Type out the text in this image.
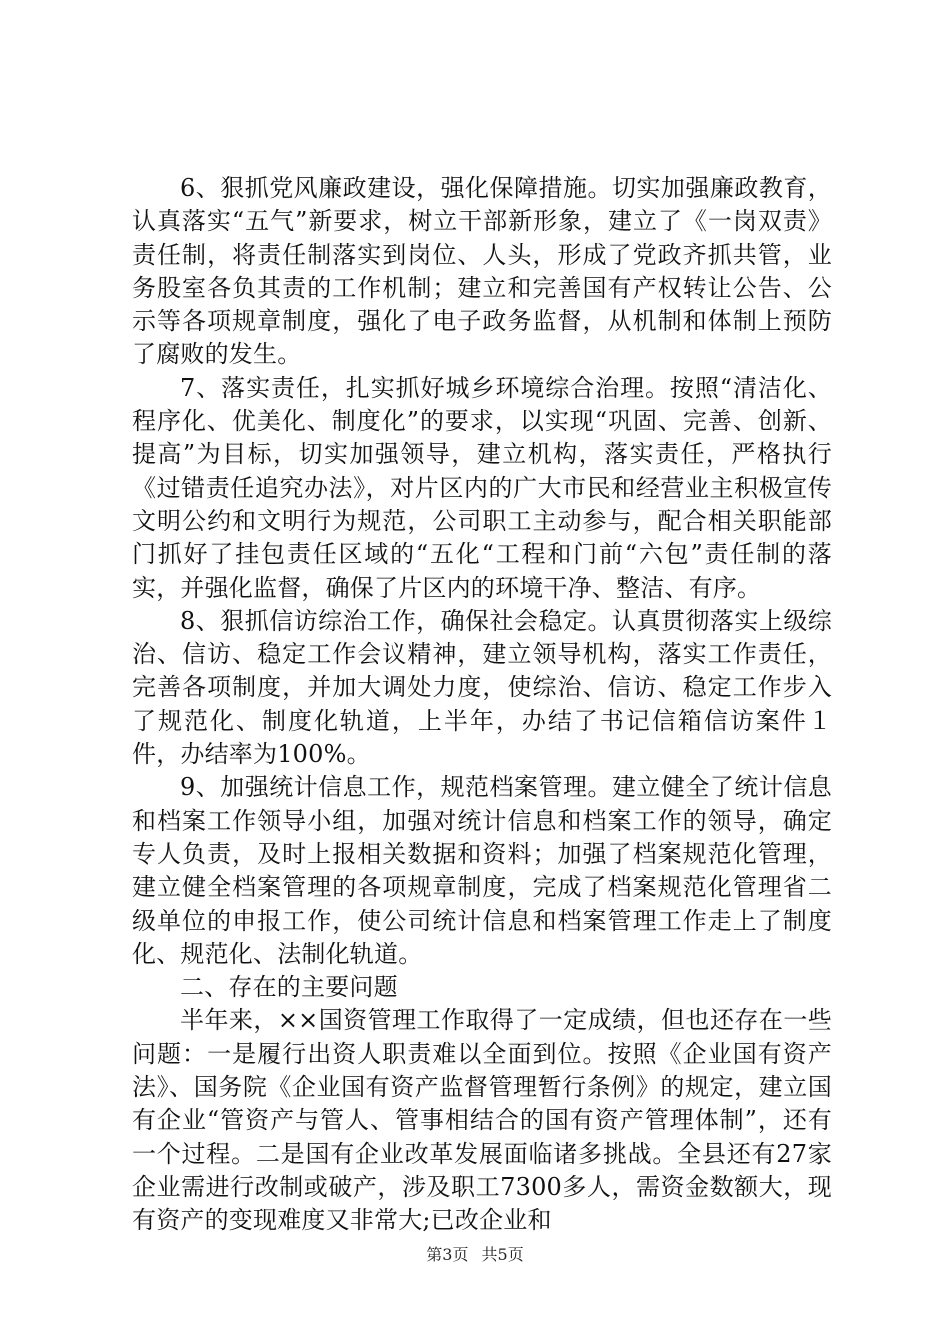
6、狠抓党风廉政建设，强化保障措施。切实加强廉政教育，认真落实“五气”新要求，树立干部新形象，建立了《一岗双责》责任制，将责任制落实到岗位、人头，形成了党政齐抓共管，业务股室各负其责的工作机制；建立和完善国有产权转让公告、公示等各项规章制度，强化了电子政务监督，从机制和体制上预防了腐败的发生。

7、落实责任，扎实抓好城乡环境综合治理。按照“清洁化、程序化、优美化、制度化”的要求，以实现“巩固、完善、创新、提高”为目标，切实加强领导，建立机构，落实责任，严格执行《过错责任追究办法》，对片区内的广大市民和经营业主积极宣传文明公约和文明行为规范，公司职工主动参与，配合相关职能部门抓好了挂包责任区域的“五化“工程和门前“六包”责任制的落实，并强化监督，确保了片区内的环境干净、整洁、有序。

8、狠抓信访综治工作，确保社会稳定。认真贯彻落实上级综治、信访、稳定工作会议精神，建立领导机构，落实工作责任，完善各项制度，并加大调处力度，使综治、信访、稳定工作步入了规范化、制度化轨道，上半年，办结了书记信箱信访案件１件，办结率为100%。

9、加强统计信息工作，规范档案管理。建立健全了统计信息和档案工作领导小组，加强对统计信息和档案工作的领导，确定专人负责，及时上报相关数据和资料；加强了档案规范化管理，建立健全档案管理的各项规章制度，完成了档案规范化管理省二级单位的申报工作，使公司统计信息和档案管理工作走上了制度化、规范化、法制化轨道。

二、存在的主要问题

半年来，××国资管理工作取得了一定成绩，但也还存在一些问题：一是履行出资人职责难以全面到位。按照《企业国有资产法》、国务院《企业国有资产监督管理暂行条例》的规定，建立国有企业“管资产与管人、管事相结合的国有资产管理体制”，还有一个过程。二是国有企业改革发展面临诸多挑战。全县还有27家企业需进行改制或破产，涉及职工7300多人，需资金数额大，现有资产的变现难度又非常大;已改企业和

第3页 共5页
